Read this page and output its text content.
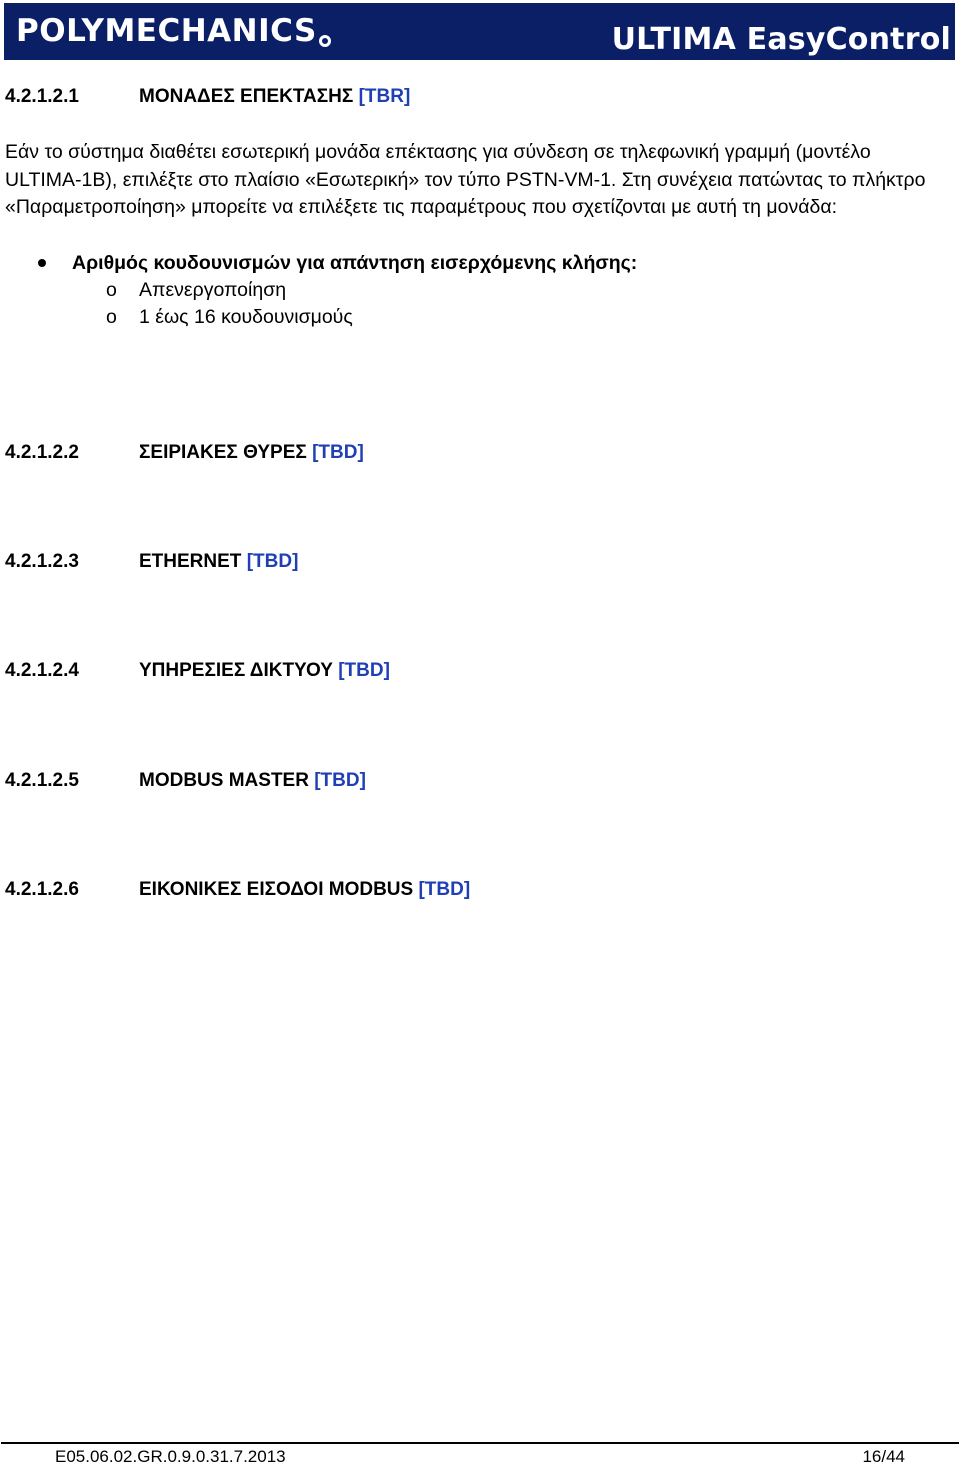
POLYMECHANICS	ULTIMA EasyControl
4.2.1.2.1	ΜΟΝΑΔΕΣ ΕΠΕΚΤΑΣΗΣ [TBR]
Εάν το σύστημα διαθέτει εσωτερική μονάδα επέκτασης για σύνδεση σε τηλεφωνική γραμμή (μοντέλο ULTIMA-1B), επιλέξτε στο πλαίσιο «Εσωτερική» τον τύπο PSTN-VM-1. Στη συνέχεια πατώντας το πλήκτρο «Παραμετροποίηση» μπορείτε να επιλέξετε τις παραμέτρους που σχετίζονται με αυτή τη μονάδα:
Αριθμός κουδουνισμών για απάντηση εισερχόμενης κλήσης:
o Απενεργοποίηση
o 1 έως 16 κουδουνισμούς
4.2.1.2.2	ΣΕΙΡΙΑΚΕΣ ΘΥΡΕΣ [TBD]
4.2.1.2.3	ETHERNET [TBD]
4.2.1.2.4	ΥΠΗΡΕΣΙΕΣ ΔΙΚΤΥΟΥ [TBD]
4.2.1.2.5	MODBUS MASTER [TBD]
4.2.1.2.6	ΕΙΚΟΝΙΚΕΣ ΕΙΣΟΔΟΙ MODBUS [TBD]
E05.06.02.GR.0.9.0.31.7.2013	16/44
